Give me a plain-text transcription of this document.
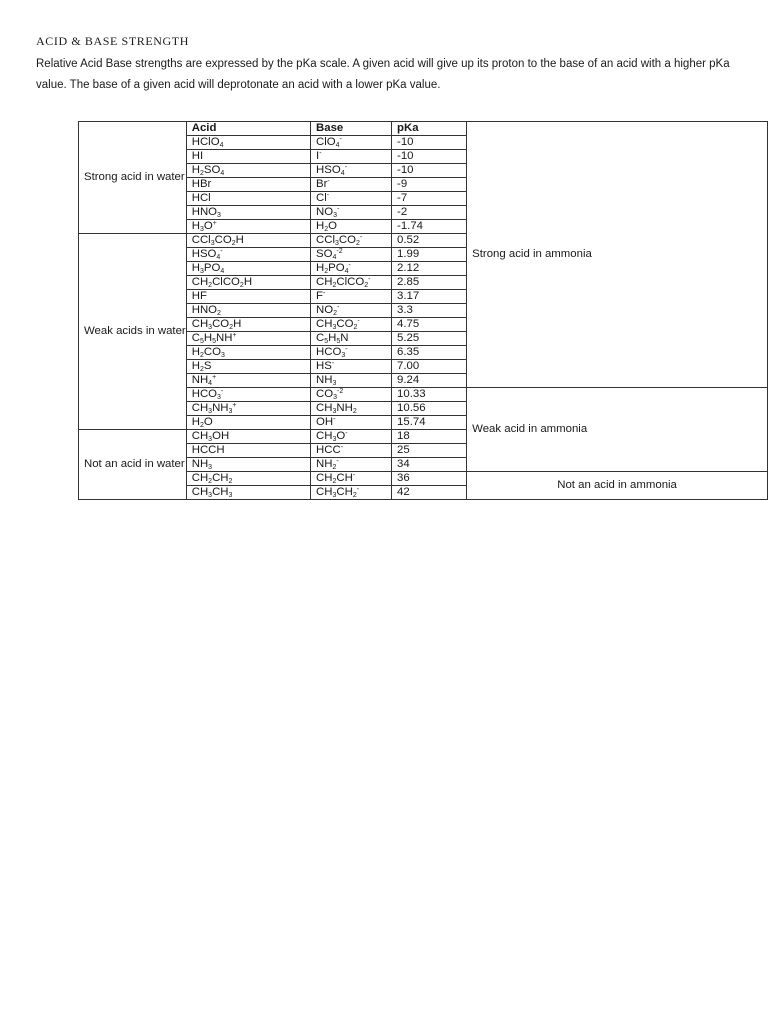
ACID & BASE STRENGTH
Relative Acid Base strengths are expressed by the pKa scale. A given acid will give up its proton to the base of an acid with a higher pKa value. The base of a given acid will deprotonate an acid with a lower pKa value.
Strong acid in water	Acid	Base	pKa	Strong acid in ammonia
	HClO$_4$	ClO$_4$-	-10	
	HI	I-	-10	
	$H_2SO_4$	$HSO_4^-$	-10	
	HBr	Br-	-9	
	HCl	Cl-	-7	
	$HNO_3$	$NO_3^-$	-2	
	$H_3O^+$	$H_2O$	-1.74	
Weak acids in water	$CCl_3CO_2H$	$CCl_3CO_2^-$	0.52	
	$HSO_4^-$	$SO_4^{-2}$	1.99	
	$H_3PO_4$	$H_2PO_4^-$	2.12	
	$CH_2ClCO_2H$	$CH_2ClCO_2^-$	2.85	
	HF	F-	3.17	
	$HNO_2$	$NO_2^-$	3.3	
	$CH_3CO_2H$	$CH_3CO_2^-$	4.75	
	$C_5H_5NH^+$	$C_5H_5N$	5.25	
	$H_2CO_3$	$HCO_3^-$	6.35	
	$H_2S$	HS-	7.00	
	$NH_4^+$	$NH_3$	9.24	
	$HCO_3^-$	$CO_3^{-2}$	10.33	Weak acid in ammonia
	$CH_3NH_3^+$	$CH_3NH_2$	10.56	
	$H_2O$	OH-	15.74	
Not an acid in water	$CH_3OH$	$CH_3O^-$	18	
	HCCH	HCC-	25	
	$NH_3$	$NH_2^-$	34	
	$CH_2CH_2$	$CH_2CH^-$	36	Not an acid in ammonia
	$CH_3CH_3$	$CH_3CH_2^-$	42	
